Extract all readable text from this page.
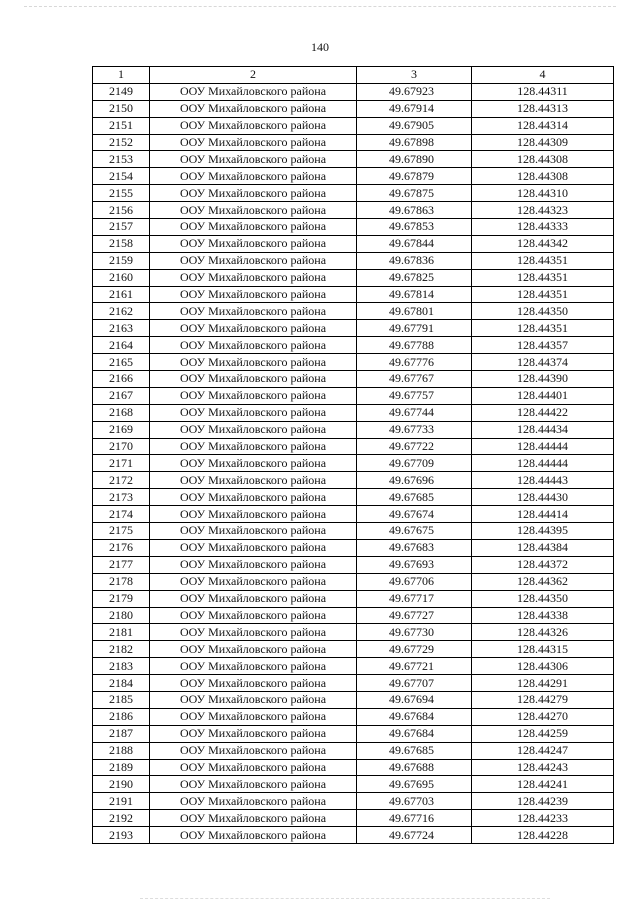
140
1	2	3	4
2149	ООУ Михайловского района	49.67923	128.44311
2150	ООУ Михайловского района	49.67914	128.44313
2151	ООУ Михайловского района	49.67905	128.44314
2152	ООУ Михайловского района	49.67898	128.44309
2153	ООУ Михайловского района	49.67890	128.44308
2154	ООУ Михайловского района	49.67879	128.44308
2155	ООУ Михайловского района	49.67875	128.44310
2156	ООУ Михайловского района	49.67863	128.44323
2157	ООУ Михайловского района	49.67853	128.44333
2158	ООУ Михайловского района	49.67844	128.44342
2159	ООУ Михайловского района	49.67836	128.44351
2160	ООУ Михайловского района	49.67825	128.44351
2161	ООУ Михайловского района	49.67814	128.44351
2162	ООУ Михайловского района	49.67801	128.44350
2163	ООУ Михайловского района	49.67791	128.44351
2164	ООУ Михайловского района	49.67788	128.44357
2165	ООУ Михайловского района	49.67776	128.44374
2166	ООУ Михайловского района	49.67767	128.44390
2167	ООУ Михайловского района	49.67757	128.44401
2168	ООУ Михайловского района	49.67744	128.44422
2169	ООУ Михайловского района	49.67733	128.44434
2170	ООУ Михайловского района	49.67722	128.44444
2171	ООУ Михайловского района	49.67709	128.44444
2172	ООУ Михайловского района	49.67696	128.44443
2173	ООУ Михайловского района	49.67685	128.44430
2174	ООУ Михайловского района	49.67674	128.44414
2175	ООУ Михайловского района	49.67675	128.44395
2176	ООУ Михайловского района	49.67683	128.44384
2177	ООУ Михайловского района	49.67693	128.44372
2178	ООУ Михайловского района	49.67706	128.44362
2179	ООУ Михайловского района	49.67717	128.44350
2180	ООУ Михайловского района	49.67727	128.44338
2181	ООУ Михайловского района	49.67730	128.44326
2182	ООУ Михайловского района	49.67729	128.44315
2183	ООУ Михайловского района	49.67721	128.44306
2184	ООУ Михайловского района	49.67707	128.44291
2185	ООУ Михайловского района	49.67694	128.44279
2186	ООУ Михайловского района	49.67684	128.44270
2187	ООУ Михайловского района	49.67684	128.44259
2188	ООУ Михайловского района	49.67685	128.44247
2189	ООУ Михайловского района	49.67688	128.44243
2190	ООУ Михайловского района	49.67695	128.44241
2191	ООУ Михайловского района	49.67703	128.44239
2192	ООУ Михайловского района	49.67716	128.44233
2193	ООУ Михайловского района	49.67724	128.44228
